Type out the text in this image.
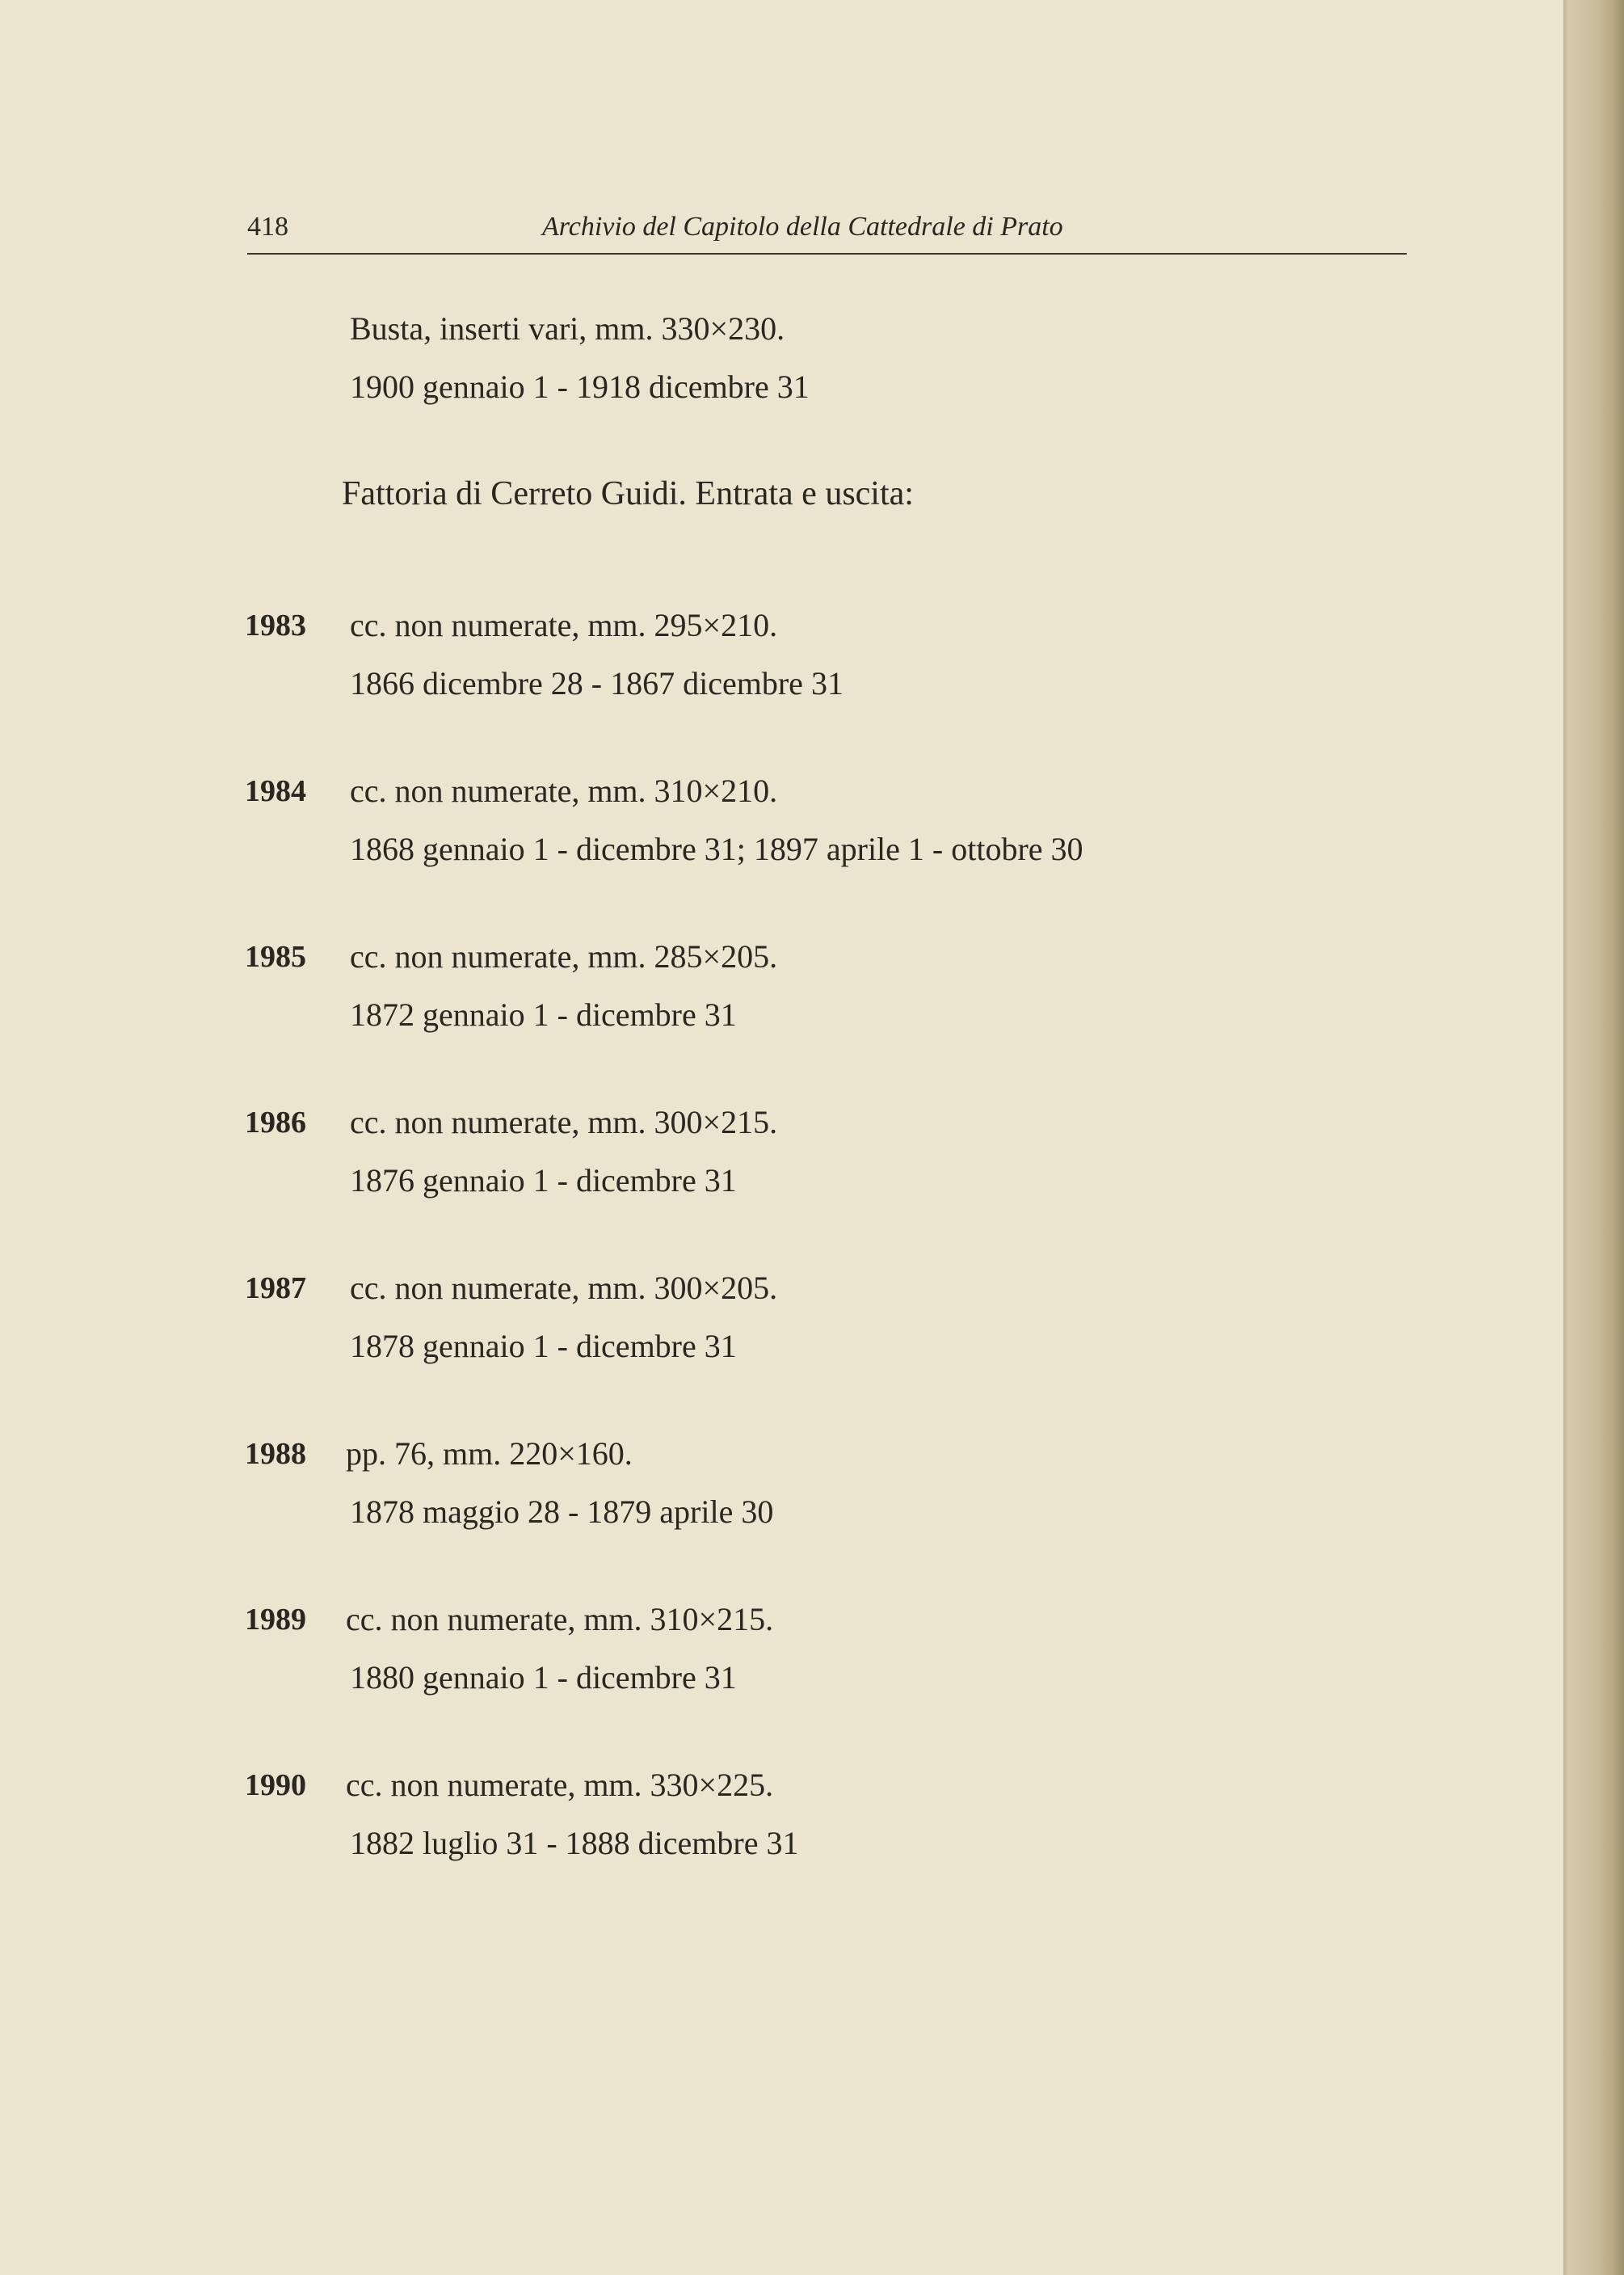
418	Archivio del Capitolo della Cattedrale di Prato
Busta, inserti vari, mm. 330×230.
1900 gennaio 1 - 1918 dicembre 31
Fattoria di Cerreto Guidi. Entrata e uscita:
1983 cc. non numerate, mm. 295×210.
1866 dicembre 28 - 1867 dicembre 31
1984 cc. non numerate, mm. 310×210.
1868 gennaio 1 - dicembre 31; 1897 aprile 1 - ottobre 30
1985 cc. non numerate, mm. 285×205.
1872 gennaio 1 - dicembre 31
1986 cc. non numerate, mm. 300×215.
1876 gennaio 1 - dicembre 31
1987 cc. non numerate, mm. 300×205.
1878 gennaio 1 - dicembre 31
1988 pp. 76, mm. 220×160.
1878 maggio 28 - 1879 aprile 30
1989 cc. non numerate, mm. 310×215.
1880 gennaio 1 - dicembre 31
1990 cc. non numerate, mm. 330×225.
1882 luglio 31 - 1888 dicembre 31
